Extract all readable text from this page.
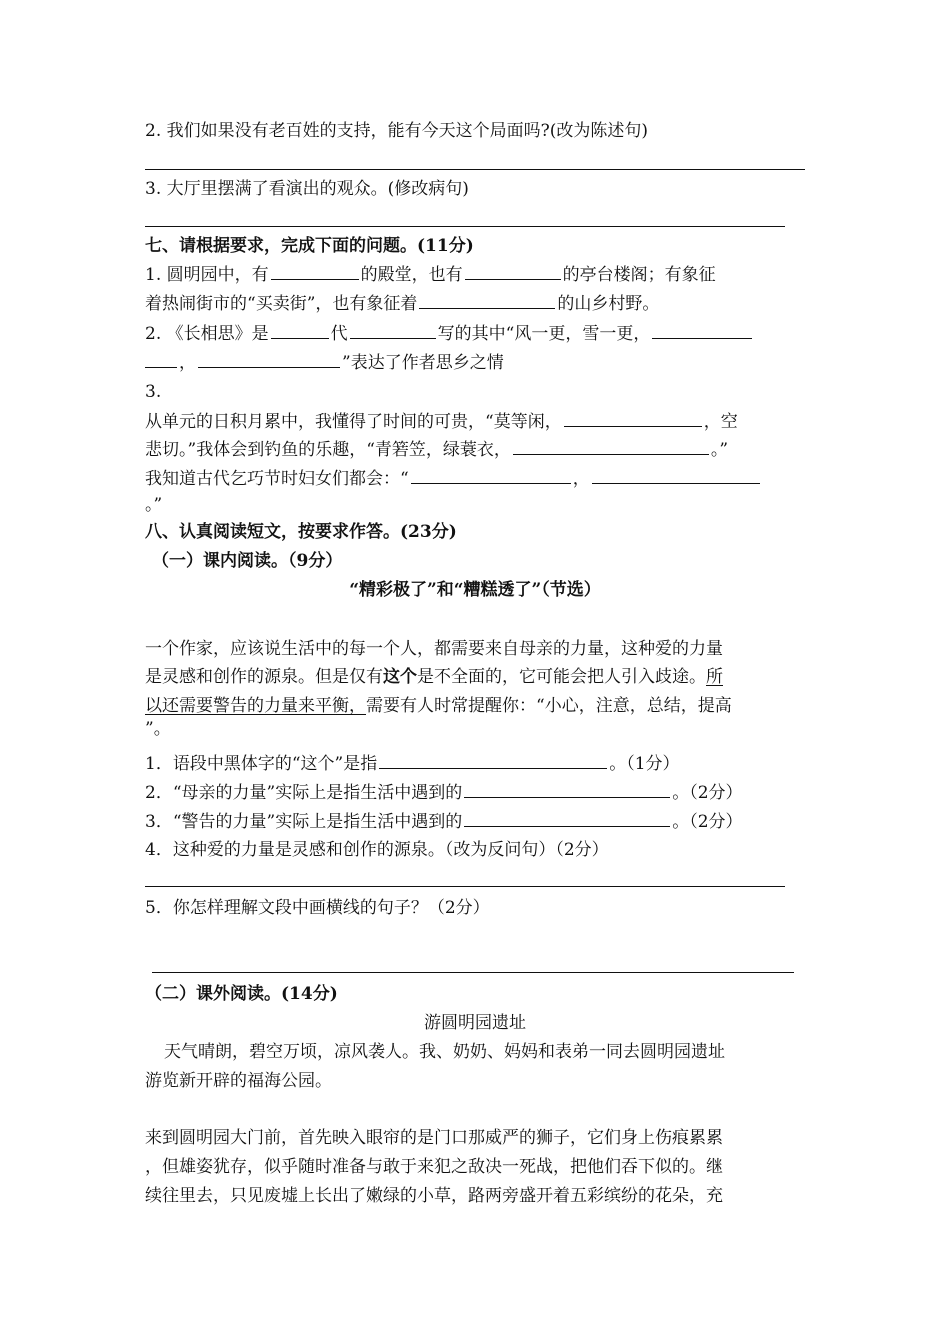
2. 我们如果没有老百姓的支持，能有今天这个局面吗?(改为陈述句)
3. 大厅里摆满了看演出的观众。(修改病句)
七、请根据要求，完成下面的问题。(11分)
1. 圆明园中，有	的殿堂，也有	的亭台楼阁；有象征
着热闹街市的“买卖街”，也有象征着	的山乡村野。
2. 《长相思》是	代	写的其中“风一更，雪一更，
，	”表达了作者思乡之情
3.
从单元的日积月累中，我懂得了时间的可贵，“莫等闲，	，空
悲切。”我体会到钓鱼的乐趣，“青箬笠，绿蓑衣，	。”
我知道古代乞巧节时妇女们都会：“	，
。”
八、认真阅读短文，按要求作答。(23分)
（一）课内阅读。（9分）
“精彩极了”和“糟糕透了”（节选）
一个作家，应该说生活中的每一个人，都需要来自母亲的力量，这种爱的力量
是灵感和创作的源泉。但是仅有这个是不全面的，它可能会把人引入歧途。所
以还需要警告的力量来平衡，需要有人时常提醒你：“小心，注意，总结，提高
”。
1．语段中黑体字的“这个”是指	。（1分）
2．“母亲的力量”实际上是指生活中遇到的	。（2分）
3．“警告的力量”实际上是指生活中遇到的	。（2分）
4．这种爱的力量是灵感和创作的源泉。（改为反问句）（2分）
5．你怎样理解文段中画横线的句子？（2分）
（二）课外阅读。(14分)
游圆明园遗址
天气晴朗，碧空万顷，凉风袭人。我、奶奶、妈妈和表弟一同去圆明园遗址
游览新开辟的福海公园。
来到圆明园大门前，首先映入眼帘的是门口那威严的狮子，它们身上伤痕累累
，但雄姿犹存，似乎随时准备与敢于来犯之敌决一死战，把他们吞下似的。继
续往里去，只见废墟上长出了嫩绿的小草，路两旁盛开着五彩缤纷的花朵，充
